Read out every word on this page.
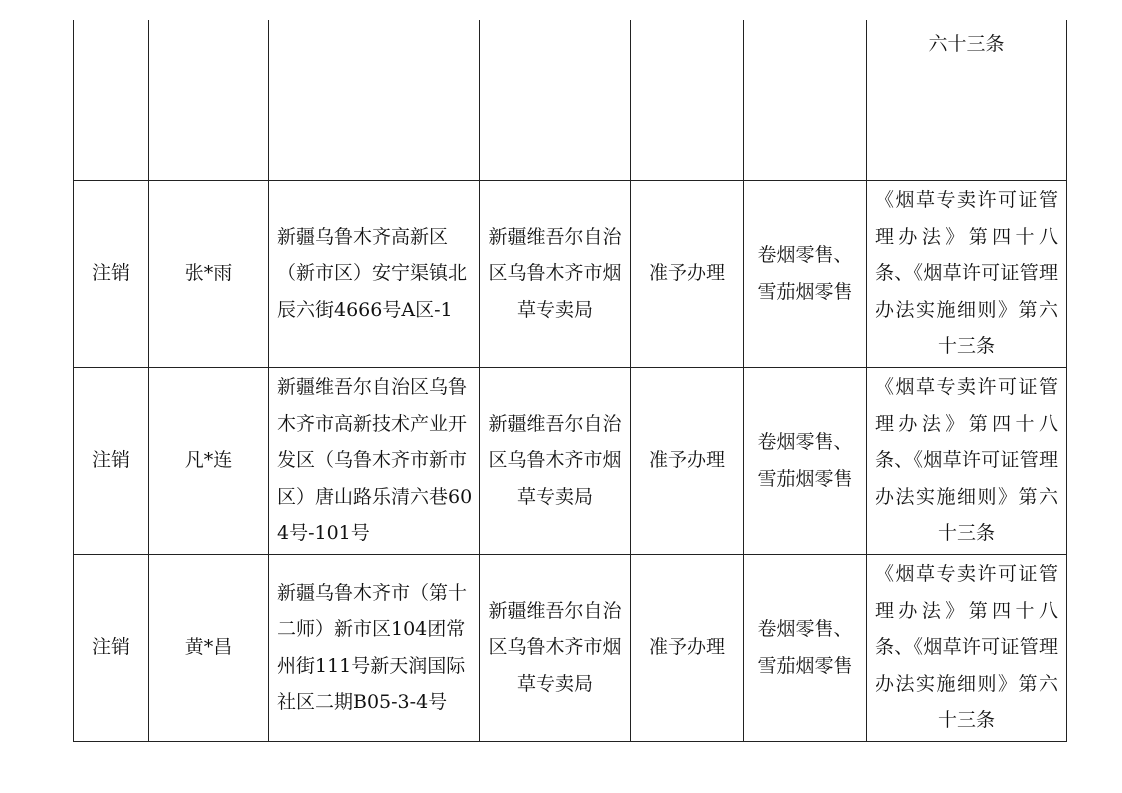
						六十三条
注销	张*雨	新疆乌鲁木齐高新区（新市区）安宁渠镇北辰六街4666号A区-1	新疆维吾尔自治区乌鲁木齐市烟草专卖局	准予办理	卷烟零售、雪茄烟零售	《烟草专卖许可证管理办法》第四十八条、《烟草许可证管理办法实施细则》第六十三条
注销	凡*连	新疆维吾尔自治区乌鲁木齐市高新技术产业开发区（乌鲁木齐市新市区）唐山路乐清六巷604号-101号	新疆维吾尔自治区乌鲁木齐市烟草专卖局	准予办理	卷烟零售、雪茄烟零售	《烟草专卖许可证管理办法》第四十八条、《烟草许可证管理办法实施细则》第六十三条
注销	黄*昌	新疆乌鲁木齐市（第十二师）新市区104团常州街111号新天润国际社区二期B05-3-4号	新疆维吾尔自治区乌鲁木齐市烟草专卖局	准予办理	卷烟零售、雪茄烟零售	《烟草专卖许可证管理办法》第四十八条、《烟草许可证管理办法实施细则》第六十三条
